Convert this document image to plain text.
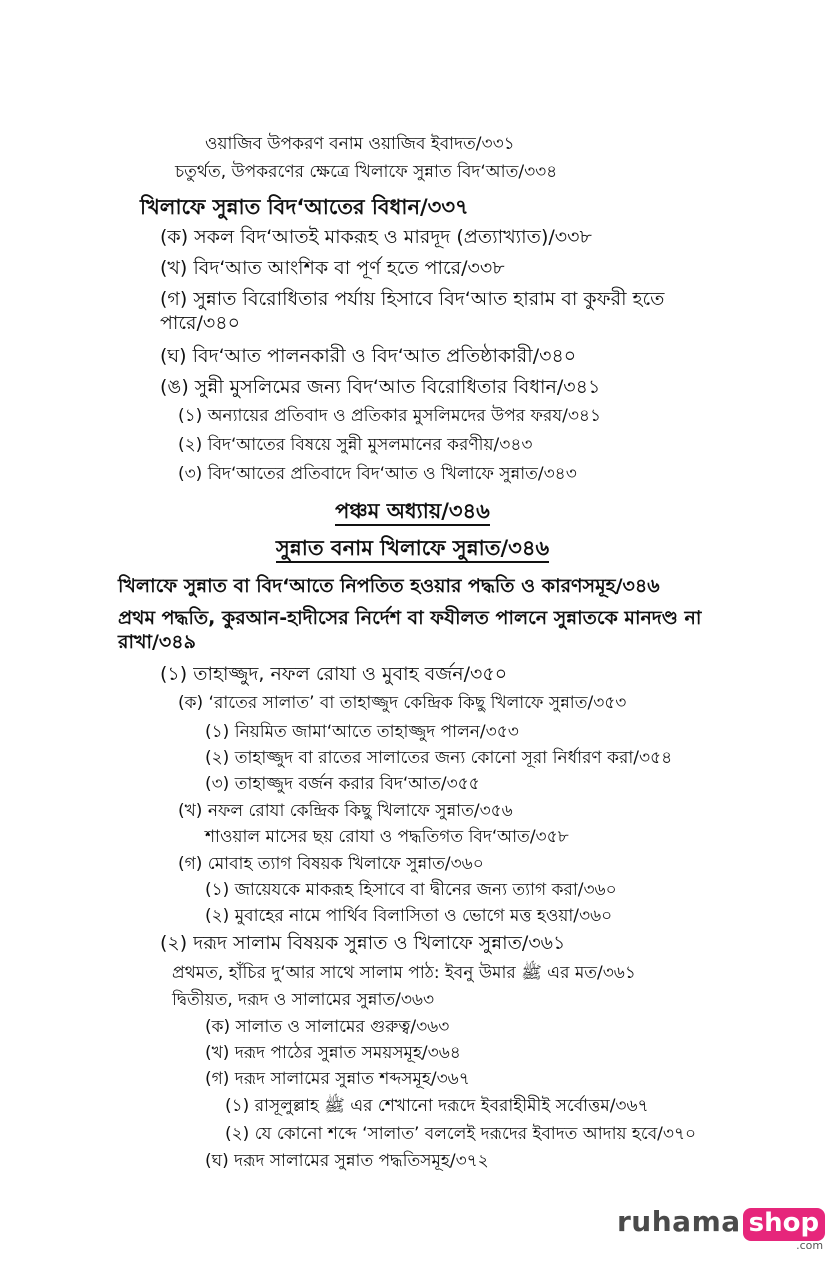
ওয়াজিব উপকরণ বনাম ওয়াজিব ইবাদত/৩৩১
চতুর্থত, উপকরণের ক্ষেত্রে খিলাফে সুন্নাত বিদ‘আত/৩৩৪
খিলাফে সুন্নাত বিদ‘আতের বিধান/৩৩৭
(ক) সকল বিদ‘আতই মাকরূহ ও মারদূদ (প্রত্যাখ্যাত)/৩৩৮
(খ) বিদ‘আত আংশিক বা পূর্ণ হতে পারে/৩৩৮
(গ) সুন্নাত বিরোধিতার পর্যায় হিসাবে বিদ‘আত হারাম বা কুফরী হতে পারে/৩৪০
(ঘ) বিদ‘আত পালনকারী ও বিদ‘আত প্রতিষ্ঠাকারী/৩৪০
(ঙ) সুন্নী মুসলিমের জন্য বিদ‘আত বিরোধিতার বিধান/৩৪১
(১) অন্যায়ের প্রতিবাদ ও প্রতিকার মুসলিমদের উপর ফরয/৩৪১
(২) বিদ‘আতের বিষয়ে সুন্নী মুসলমানের করণীয়/৩৪৩
(৩) বিদ‘আতের প্রতিবাদে বিদ‘আত ও খিলাফে সুন্নাত/৩৪৩
পঞ্চম অধ্যায়/৩৪৬
সুন্নাত বনাম খিলাফে সুন্নাত/৩৪৬
খিলাফে সুন্নাত বা বিদ‘আতে নিপতিত হওয়ার পদ্ধতি ও কারণসমূহ/৩৪৬
প্রথম পদ্ধতি, কুরআন-হাদীসের নির্দেশ বা ফযীলত পালনে সুন্নাতকে মানদণ্ড না রাখা/৩৪৯
(১) তাহাজ্জুদ, নফল রোযা ও মুবাহ বর্জন/৩৫০
(ক) ‘রাতের সালাত’ বা তাহাজ্জুদ কেন্দ্রিক কিছু খিলাফে সুন্নাত/৩৫৩
(১) নিয়মিত জামা‘আতে তাহাজ্জুদ পালন/৩৫৩
(২) তাহাজ্জুদ বা রাতের সালাতের জন্য কোনো সূরা নির্ধারণ করা/৩৫৪
(৩) তাহাজ্জুদ বর্জন করার বিদ‘আত/৩৫৫
(খ) নফল রোযা কেন্দ্রিক কিছু খিলাফে সুন্নাত/৩৫৬
শাওয়াল মাসের ছয় রোযা ও পদ্ধতিগত বিদ‘আত/৩৫৮
(গ) মোবাহ ত্যাগ বিষয়ক খিলাফে সুন্নাত/৩৬০
(১) জায়েযকে মাকরূহ হিসাবে বা দ্বীনের জন্য ত্যাগ করা/৩৬০
(২) মুবাহের নামে পার্থিব বিলাসিতা ও ভোগে মত্ত হওয়া/৩৬০
(২) দরূদ সালাম বিষয়ক সুন্নাত ও খিলাফে সুন্নাত/৩৬১
প্রথমত, হাঁচির দু‘আর সাথে সালাম পাঠ: ইবনু উমার ﷺ এর মত/৩৬১
দ্বিতীয়ত, দরূদ ও সালামের সুন্নাত/৩৬৩
(ক) সালাত ও সালামের গুরুত্ব/৩৬৩
(খ) দরূদ পাঠের সুন্নাত সময়সমূহ/৩৬৪
(গ) দরূদ সালামের সুন্নাত শব্দসমূহ/৩৬৭
(১) রাসূলুল্লাহ ﷺ এর শেখানো দরূদে ইবরাহীমীই সর্বোত্তম/৩৬৭
(২) যে কোনো শব্দে ‘সালাত’ বললেই দরূদের ইবাদত আদায় হবে/৩৭০
(ঘ) দরূদ সালামের সুন্নাত পদ্ধতিসমূহ/৩৭২
ruhama shop
.com
